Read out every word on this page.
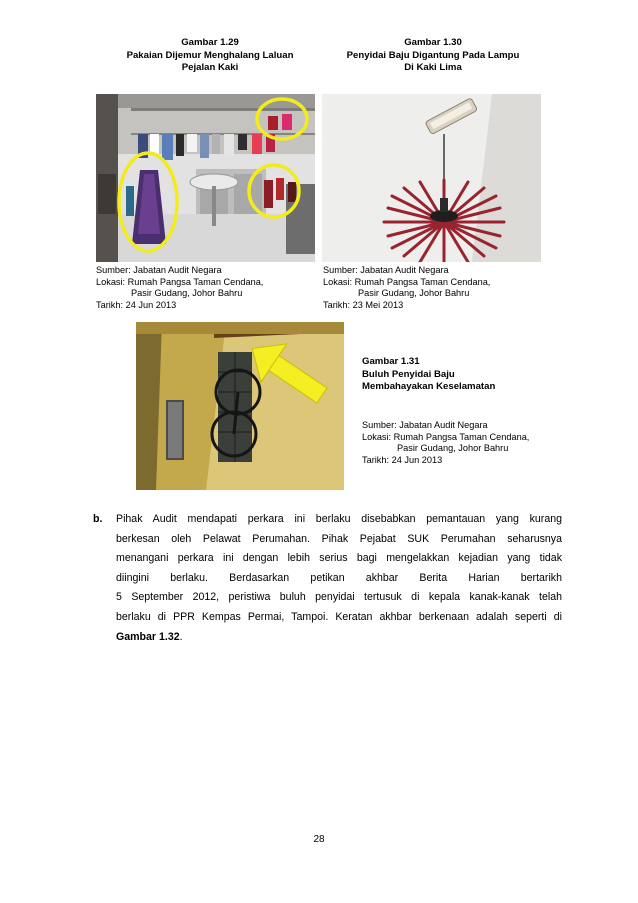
Gambar 1.29
Pakaian Dijemur Menghalang Laluan
Pejalan Kaki
Sumber: Jabatan Audit Negara
Lokasi: Rumah Pangsa Taman Cendana,
Pasir Gudang, Johor Bahru
Tarikh: 24 Jun 2013
Gambar 1.30
Penyidai Baju Digantung Pada Lampu
Di Kaki Lima
Sumber: Jabatan Audit Negara
Lokasi: Rumah Pangsa Taman Cendana,
Pasir Gudang, Johor Bahru
Tarikh: 23 Mei 2013
Gambar 1.31
Buluh Penyidai Baju
Membahayakan Keselamatan
Sumber: Jabatan Audit Negara
Lokasi: Rumah Pangsa Taman Cendana,
Pasir Gudang, Johor Bahru
Tarikh: 24 Jun 2013
b. Pihak Audit mendapati perkara ini berlaku disebabkan pemantauan yang kurang
berkesan oleh Pelawat Perumahan. Pihak Pejabat SUK Perumahan seharusnya
menangani perkara ini dengan lebih serius bagi mengelakkan kejadian yang tidak
diingini berlaku. Berdasarkan petikan akhbar Berita Harian bertarikh
5 September 2012, peristiwa buluh penyidai tertusuk di kepala kanak-kanak telah
berlaku di PPR Kempas Permai, Tampoi. Keratan akhbar berkenaan adalah seperti di
Gambar 1.32.
28
